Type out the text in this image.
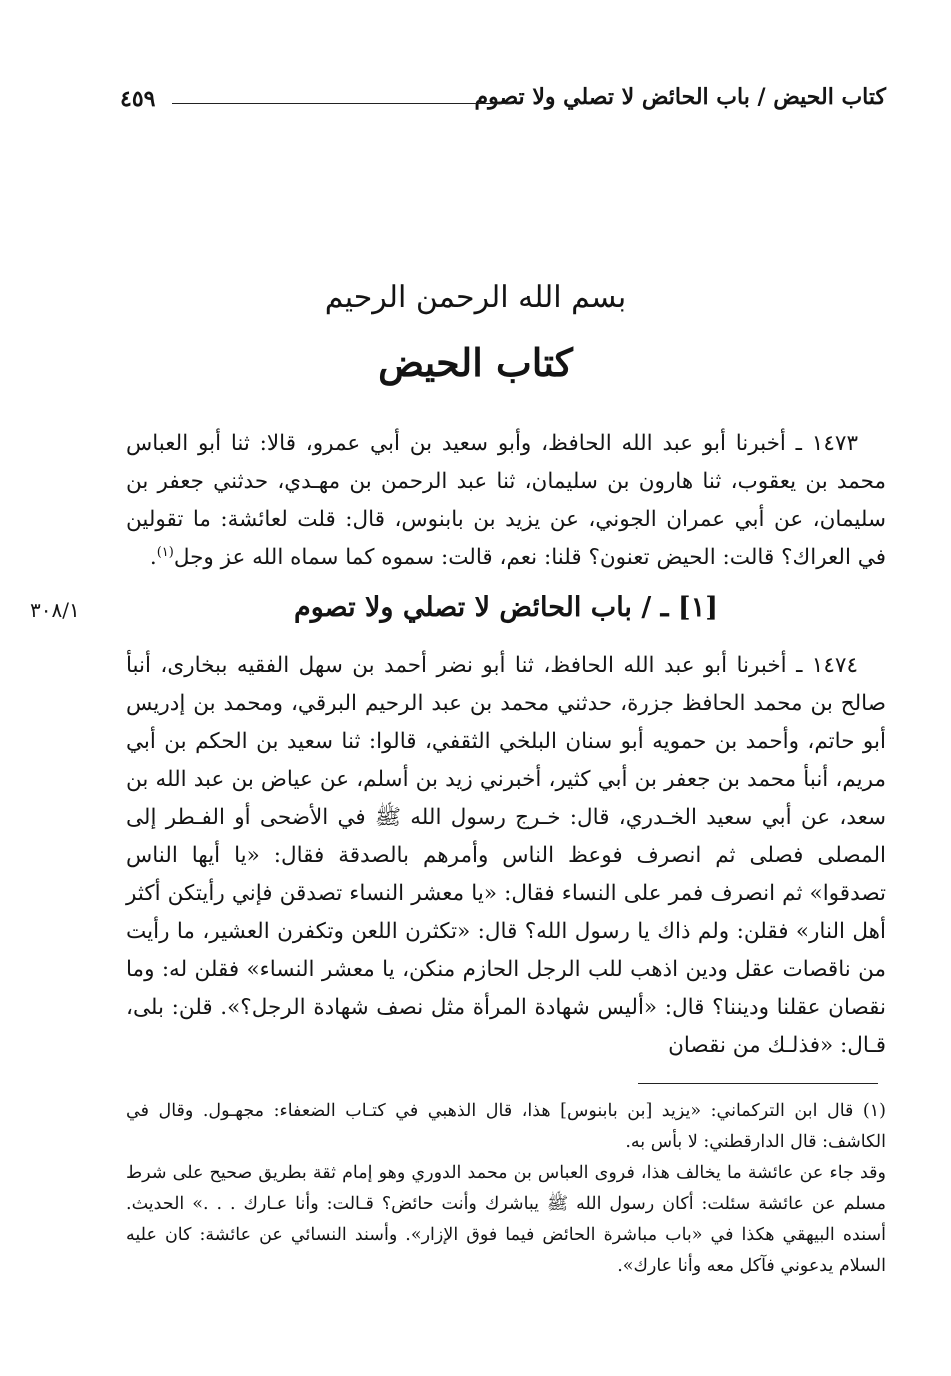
كتاب الحيض / باب الحائض لا تصلي ولا تصوم
٤٥٩
بسم الله الرحمن الرحيم
كتاب الحيض

١٤٧٣ ـ أخبرنا أبو عبد الله الحافظ، وأبو سعيد بن أبي عمرو، قالا: ثنا أبو العباس محمد بن يعقوب، ثنا هارون بن سليمان، ثنا عبد الرحمن بن مهـدي، حدثني جعفر بن سليمان، عن أبي عمران الجوني، عن يزيد بن بابنوس، قال: قلت لعائشة: ما تقولين في العراك؟ قالت: الحيض تعنون؟ قلنا: نعم، قالت: سموه كما سماه الله عز وجل$^{(١)}$.

[١] ـ / باب الحائض لا تصلي ولا تصوم
٣٠٨/١

١٤٧٤ ـ أخبرنا أبو عبد الله الحافظ، ثنا أبو نضر أحمد بن سهل الفقيه ببخارى، أنبأ صالح بن محمد الحافظ جزرة، حدثني محمد بن عبد الرحيم البرقي، ومحمد بن إدريس أبو حاتم، وأحمد بن حمويه أبو سنان البلخي الثقفي، قالوا: ثنا سعيد بن الحكم بن أبي مريم، أنبأ محمد بن جعفر بن أبي كثير، أخبرني زيد بن أسلم، عن عياض بن عبد الله بن سعد، عن أبي سعيد الخـدري، قال: خـرج رسول الله ﷺ في الأضحى أو الفـطر إلى المصلى فصلى ثم انصرف فوعظ الناس وأمرهم بالصدقة فقال: «يا أيها الناس تصدقوا» ثم انصرف فمر على النساء فقال: «يا معشر النساء تصدقن فإني رأيتكن أكثر أهل النار» فقلن: ولم ذاك يا رسول الله؟ قال: «تكثرن اللعن وتكفرن العشير، ما رأيت من ناقصات عقل ودين اذهب للب الرجل الحازم منكن، يا معشر النساء» فقلن له: وما نقصان عقلنا وديننا؟ قال: «أليس شهادة المرأة مثل نصف شهادة الرجل؟». قلن: بلى، قـال: «فذلـك من نقصان

(١) قال ابن التركماني: «يزيد [بن بابنوس] هذا، قال الذهبي في كتـاب الضعفاء: مجهـول. وقال في الكاشف: قال الدارقطني: لا بأس به.
وقد جاء عن عائشة ما يخالف هذا، فروى العباس بن محمد الدوري وهو إمام ثقة بطريق صحيح على شرط مسلم عن عائشة سئلت: أكان رسول الله ﷺ يباشرك وأنت حائض؟ قـالت: وأنا عـارك . . .» الحديث. أسنده البيهقي هكذا في «باب مباشرة الحائض فيما فوق الإزار». وأسند النسائي عن عائشة: كان عليه السلام يدعوني فآكل معه وأنا عارك».
